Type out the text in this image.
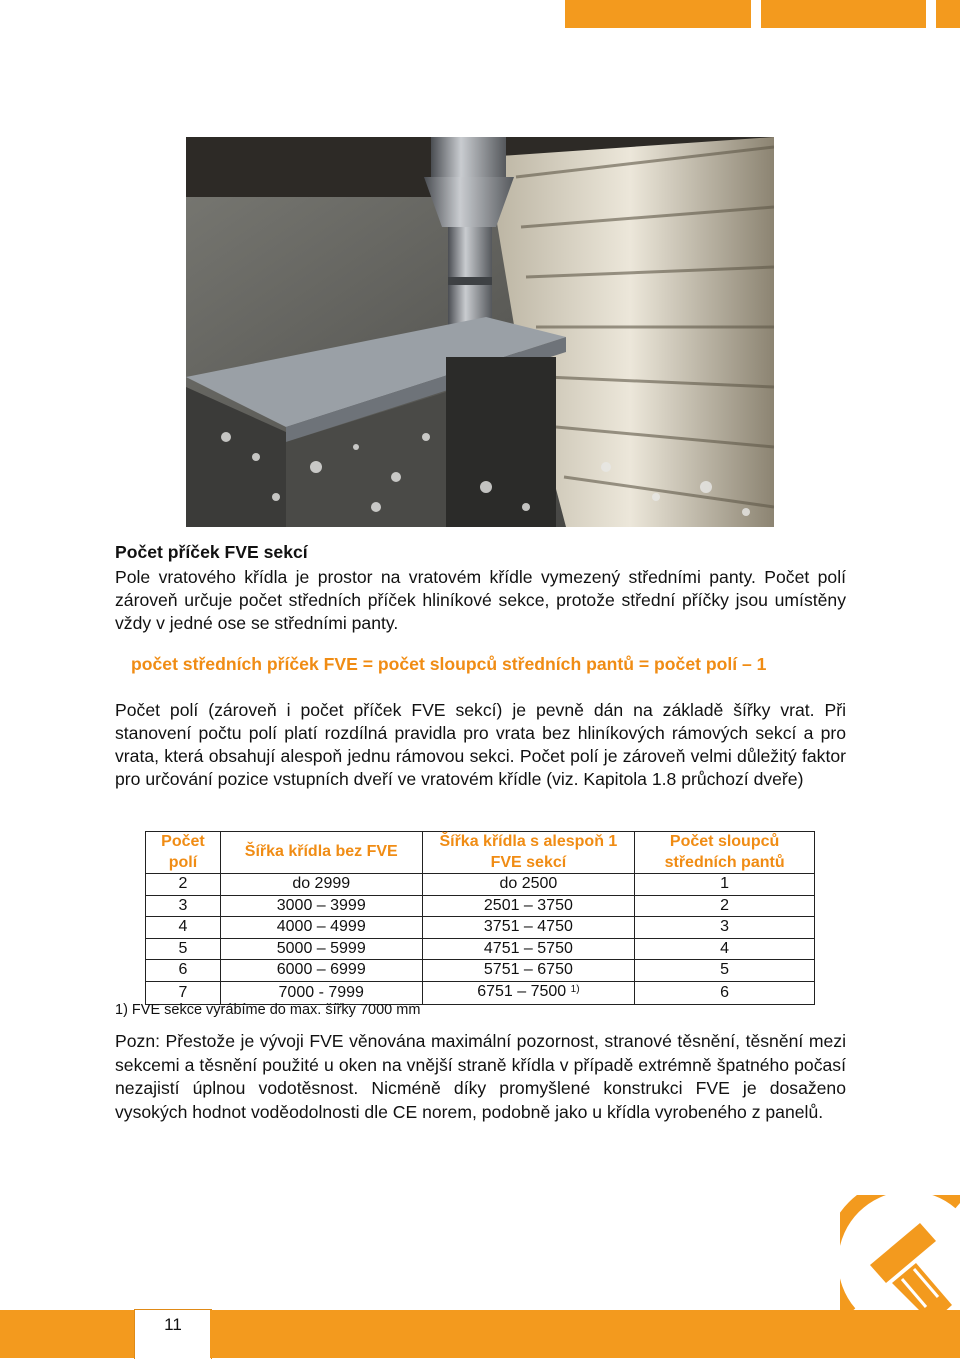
Počet příček FVE sekcí
Pole vratového křídla je prostor na vratovém křídle vymezený středními panty. Počet polí zároveň určuje počet středních příček hliníkové sekce, protože střední příčky jsou umístěny vždy v jedné ose se středními panty.
počet středních příček FVE = počet sloupců středních pantů = počet polí – 1
Počet polí (zároveň i počet příček FVE sekcí) je pevně dán na základě šířky vrat. Při stanovení počtu polí platí rozdílná pravidla pro vrata bez hliníkových rámových sekcí a pro vrata, která obsahují alespoň jednu rámovou sekci. Počet polí je zároveň velmi důležitý faktor pro určování pozice vstupních dveří ve vratovém křídle (viz. Kapitola 1.8 průchozí dveře)
Počet polí	Šířka křídla bez FVE	Šířka křídla s alespoň 1 FVE sekcí	Počet sloupců středních pantů
2	do 2999	do 2500	1
3	3000 – 3999	2501 – 3750	2
4	4000 – 4999	3751 – 4750	3
5	5000 – 5999	4751 – 5750	4
6	6000 – 6999	5751 – 6750	5
7	7000 - 7999	6751 – 7500 $^{1)}$	6
1) FVE sekce vyrábíme do max. šířky 7000 mm
Pozn: Přestože je vývoji FVE věnována maximální pozornost, stranové těsnění, těsnění mezi sekcemi a těsnění použité u oken na vnější straně křídla v případě extrémně špatného počasí nezajistí úplnou vodotěsnost. Nicméně díky promyšlené konstrukci FVE je dosaženo vysokých hodnot voděodolnosti dle CE norem, podobně jako u křídla vyrobeného z panelů.
11
